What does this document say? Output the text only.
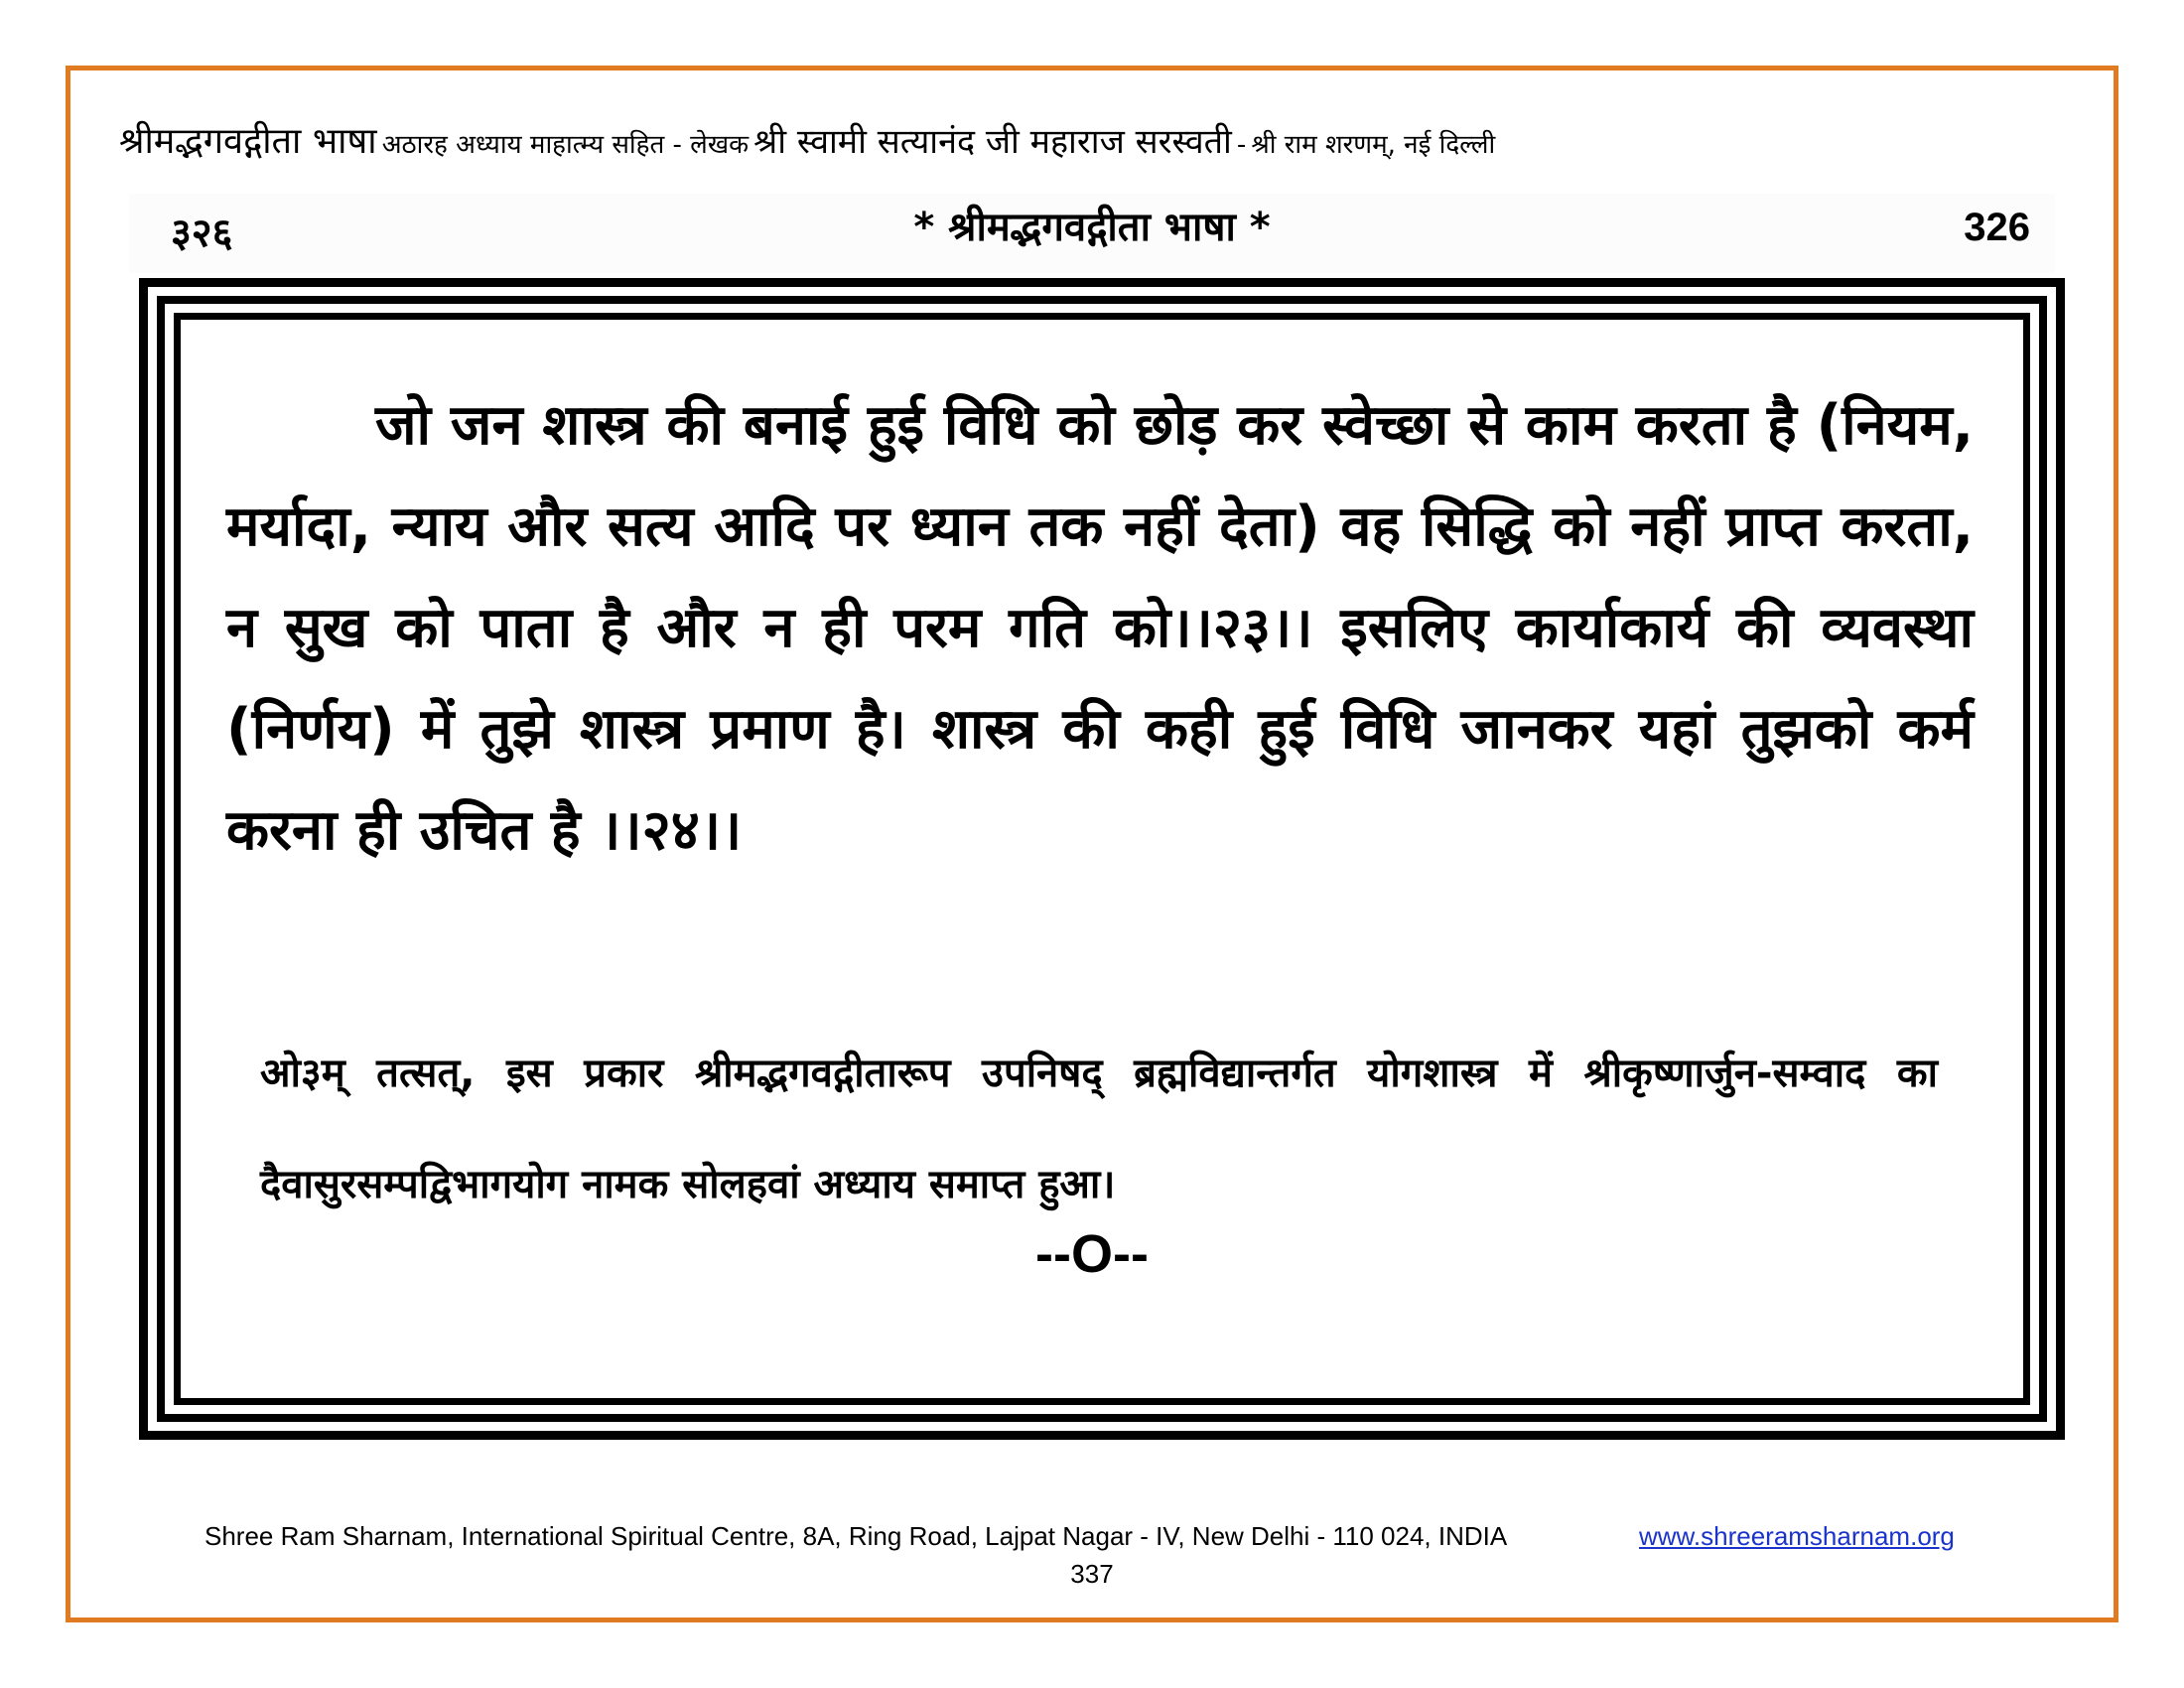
श्रीमद्भगवद्गीता भाषा अठारह अध्याय माहात्म्य सहित - लेखक श्री स्वामी सत्यानंद जी महाराज सरस्वती - श्री राम शरणम्, नई दिल्ली
३२६	* श्रीमद्भगवद्गीता भाषा *	326
जो जन शास्त्र की बनाई हुई विधि को छोड़ कर स्वेच्छा से काम करता है (नियम, मर्यादा, न्याय और सत्य आदि पर ध्यान तक नहीं देता) वह सिद्धि को नहीं प्राप्त करता, न सुख को पाता है और न ही परम गति को।।२३।। इसलिए कार्याकार्य की व्यवस्था (निर्णय) में तुझे शास्त्र प्रमाण है। शास्त्र की कही हुई विधि जानकर यहां तुझको कर्म करना ही उचित है ।।२४।।
ओ३म् तत्सत्, इस प्रकार श्रीमद्भगवद्गीतारूप उपनिषद् ब्रह्मविद्यान्तर्गत योगशास्त्र में श्रीकृष्णार्जुन-सम्वाद का दैवासुरसम्पद्विभागयोग नामक सोलहवां अध्याय समाप्त हुआ।
--O--
Shree Ram Sharnam, International Spiritual Centre, 8A, Ring Road, Lajpat Nagar - IV, New Delhi - 110 024, INDIA	www.shreeramsharnam.org
337
